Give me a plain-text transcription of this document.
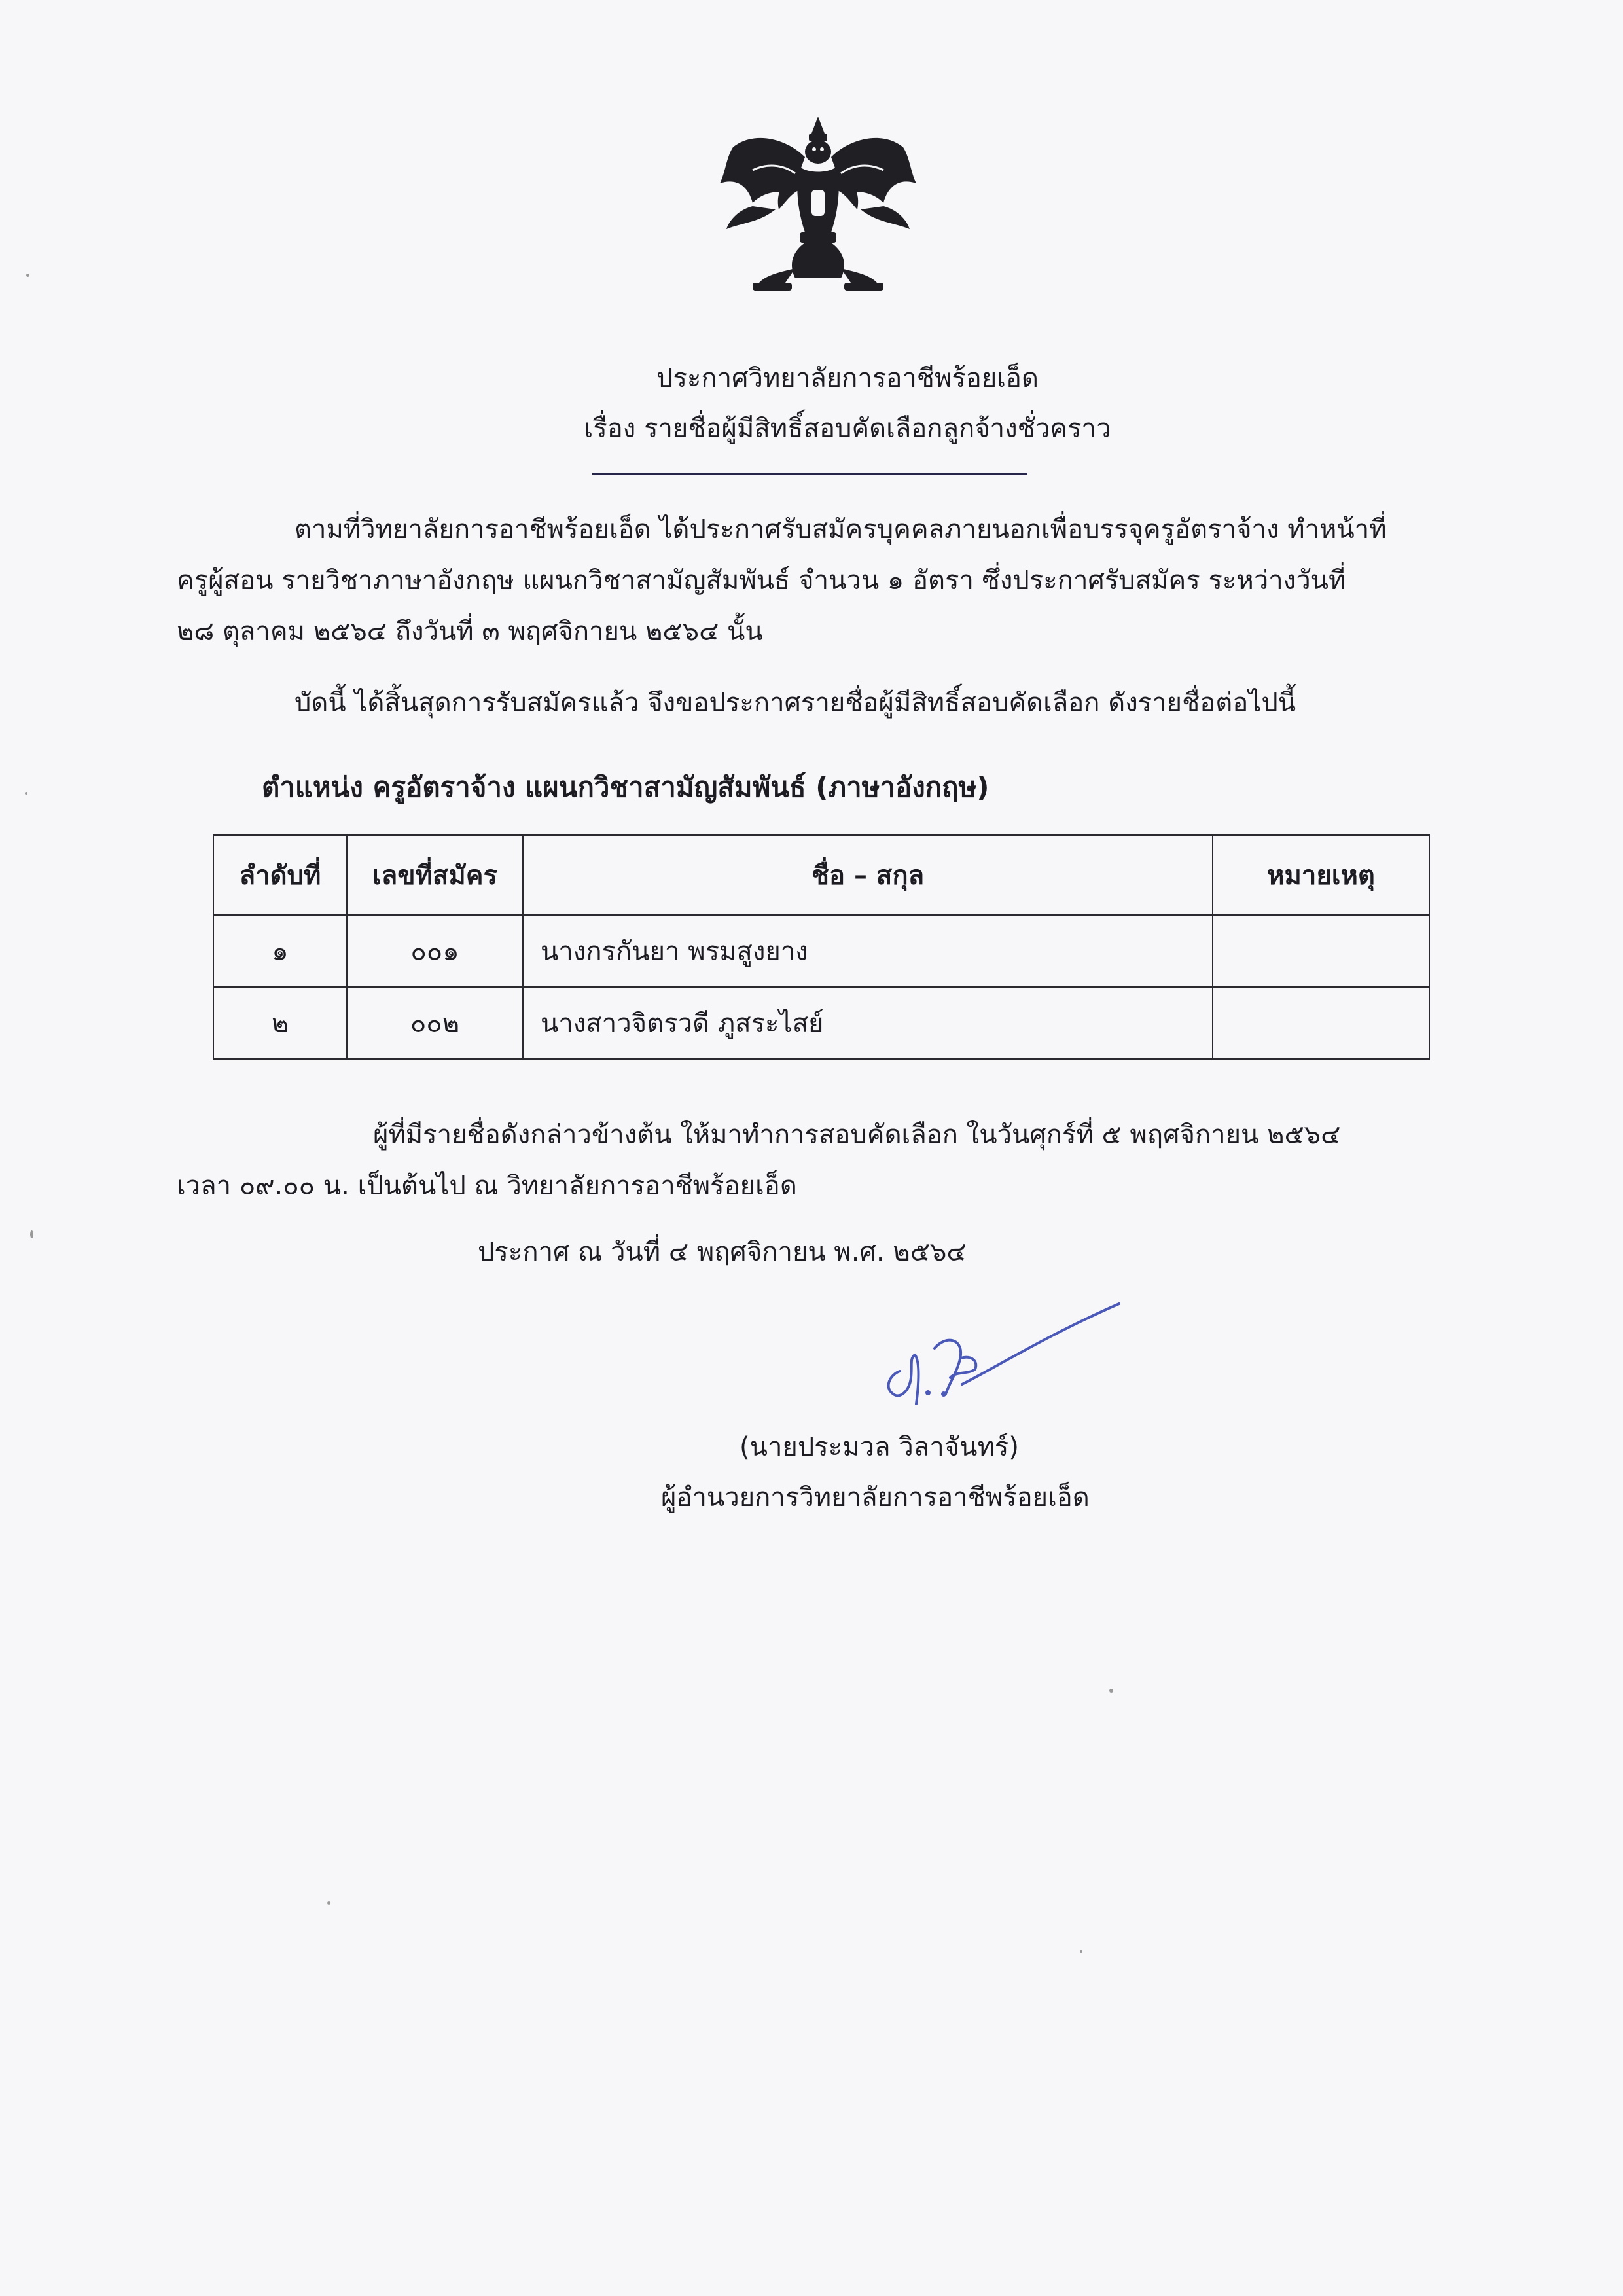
ประกาศวิทยาลัยการอาชีพร้อยเอ็ด
เรื่อง รายชื่อผู้มีสิทธิ์สอบคัดเลือกลูกจ้างชั่วคราว

ตามที่วิทยาลัยการอาชีพร้อยเอ็ด ได้ประกาศรับสมัครบุคคลภายนอกเพื่อบรรจุครูอัตราจ้าง ทำหน้าที่

ครูผู้สอน รายวิชาภาษาอังกฤษ แผนกวิชาสามัญสัมพันธ์ จำนวน ๑ อัตรา ซึ่งประกาศรับสมัคร ระหว่างวันที่

๒๘ ตุลาคม ๒๕๖๔ ถึงวันที่ ๓ พฤศจิกายน ๒๕๖๔ นั้น

บัดนี้ ได้สิ้นสุดการรับสมัครแล้ว จึงขอประกาศรายชื่อผู้มีสิทธิ์สอบคัดเลือก ดังรายชื่อต่อไปนี้

ตำแหน่ง ครูอัตราจ้าง แผนกวิชาสามัญสัมพันธ์ (ภาษาอังกฤษ)
ลำดับที่	เลขที่สมัคร	ชื่อ – สกุล	หมายเหตุ
๑	๐๐๑	นางกรกันยา พรมสูงยาง	
๒	๐๐๒	นางสาวจิตรวดี ภูสระไสย์	

ผู้ที่มีรายชื่อดังกล่าวข้างต้น ให้มาทำการสอบคัดเลือก ในวันศุกร์ที่ ๕ พฤศจิกายน ๒๕๖๔

เวลา ๐๙.๐๐ น. เป็นต้นไป ณ วิทยาลัยการอาชีพร้อยเอ็ด

ประกาศ ณ วันที่ ๔ พฤศจิกายน พ.ศ. ๒๕๖๔
(นายประมวล วิลาจันทร์)
ผู้อำนวยการวิทยาลัยการอาชีพร้อยเอ็ด
